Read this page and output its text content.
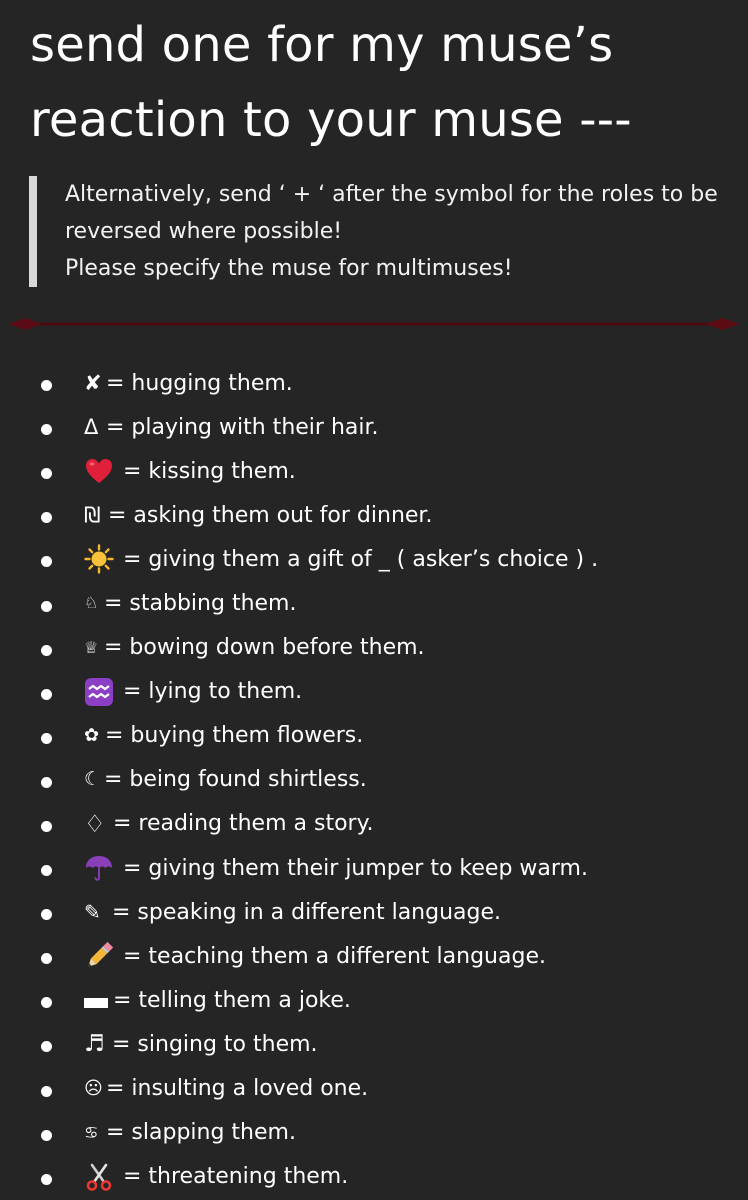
send one for my muse’s
reaction to your muse ---
Alternatively, send ‘ + ‘ after the symbol for the roles to be
reversed where possible!
Please specify the muse for multimuses!
✘ = hugging them.
Δ = playing with their hair.
= kissing them.
₪ = asking them out for dinner.
= giving them a gift of _ ( asker’s choice ) .
♘ = stabbing them.
♕ = bowing down before them.
= lying to them.
✿ = buying them flowers.
☾ = being found shirtless.
♢ = reading them a story.
= giving them their jumper to keep warm.
✎ = speaking in a different language.
= teaching them a different language.
= telling them a joke.
♬ = singing to them.
☹ = insulting a loved one.
♋ = slapping them.
= threatening them.
